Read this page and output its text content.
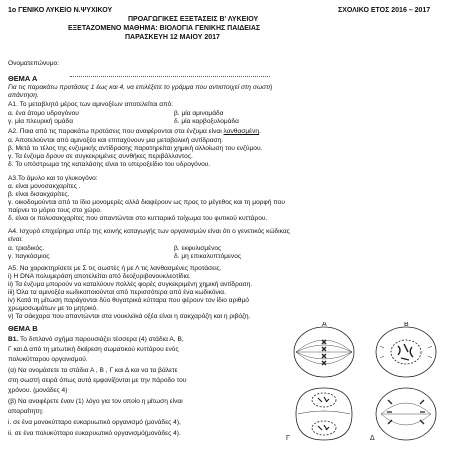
1ο ΓΕΝΙΚΟ ΛΥΚΕΙΟ Ν.ΨΥΧΙΚΟΥ	ΣΧΟΛΙΚΟ ΕΤΟΣ 2016 – 2017
ΠΡΟΑΓΩΓΙΚΕΣ ΕΞΕΤΑΣΕΙΣ Β' ΛΥΚΕΙΟΥ
ΕΞΕΤΑΖΟΜΕΝΟ ΜΑΘΗΜΑ: ΒΙΟΛΟΓΙΑ ΓΕΝΙΚΗΣ ΠΑΙΔΕΙΑΣ
ΠΑΡΑΣΚΕΥΗ 12 ΜΑΙΟΥ 2017
Ονοματεπώνυμο:
ΘΕΜΑ Α
Για τις παρακάτω προτάσεις 1 έως και 4, να επιλέξετε το γράμμα που αντιστοιχεί στη σωστή
απάντηση.
Α1. Το μεταβλητό μέρος των αμινοξέων αποτελείται από:
α. ένα άτομο υδρογόνου	β. μία αμινομάδα
γ. μία πλευρική ομάδα	δ. μία καρβοξυλομάδα
Α2. Ποια από τις παρακάτω προτάσεις που αναφέρονται στα ένζυμα είναι λανθασμένη.
α. Αποτελούνται από αμινοξέα και επιταχύνουν μια μεταβολική αντίδραση.
β. Μετά το τέλος της ενζυμικής αντίδρασης παρατηρείται χημική αλλοίωση του ενζύμου.
γ. Τα ένζυμα δρουν σε συγκεκριμένες συνθήκες περιβάλλοντος.
δ. Το υπόστρωμα της καταλάσης είναι το υπεροξείδιο του υδρογόνου.
Α3.Το άμυλο και το γλυκογόνο:
α. είναι μονοσακχαρίτες .
β. είναι δισακχαρίτες.
γ. οικοδομούνται από το ίδιο μονομερές αλλά διαφέρουν ως προς το μέγεθος και τη μορφή που
παίρνει το μόριο τους στο χώρο.
δ. είναι οι πολυσακχαρίτες που απαντώνται στο κυτταρικό τοίχωμα του φυτικού κυττάρου.
Α4. Ισχυρό επιχείρημα υπέρ της κοινής καταγωγής των οργανισμών είναι ότι ο γενετικός κώδικας
είναι:
α. τριαδικός.	β. εκφυλισμένος
γ. παγκόσμιος	δ. μη επικαλυπτόμενος
Α5. Να χαρακτηρίσετε με Σ τις σωστές ή με Λ τις λανθασμένες προτάσεις.
i) Η DNA πολυμεράση αποτελείται από δεοξυριβονουκλεοτίδια.
ii) Τα ένζυμα μπορούν να καταλύουν πολλές φορές συγκεκριμένη χημική αντίδραση.
iii) Όλα τα αμινοξέα κωδικοποιούνται από περισσότερα από ένα κωδικόνια.
iv) Κατά τη μίτωση παράγονται δύο θυγατρικά κύτταρα που φέρουν τον ίδιο αριθμό
χρωμοσωμάτων με το μητρικό.
v) Τα σάκχαρα που απαντώνται στα νουκλεϊκά οξέα είναι η σακχαρόζη και η ριβόζη.
ΘΕΜΑ Β
Β1. Το διπλανό σχήμα παρουσιάζει τέσσερα (4) στάδια Α, Β,
Γ και Δ από τη μιτωτική διαίρεση σωματικού κυττάρου ενός
πολυκύτταρου οργανισμού.
(α) Να ονομάσετε τα στάδια Α , Β , Γ και Δ και να τα βάλετε
στη σωστή σειρά όπως αυτά εμφανίζονται με την πάροδο του
χρόνου. (μονάδες 4)
(β) Να αναφέρετε έναν (1) λόγο για τον οποίο η μίτωση είναι
απαραίτητη:
i. σε ένα μονοκύτταρο ευκαρυωτικό οργανισμό (μονάδες 4),
ii. σε ένα πολυκύτταρο ευκαρυωτικό οργανισμό(μονάδες 4).
Α	Β
Γ	Δ
